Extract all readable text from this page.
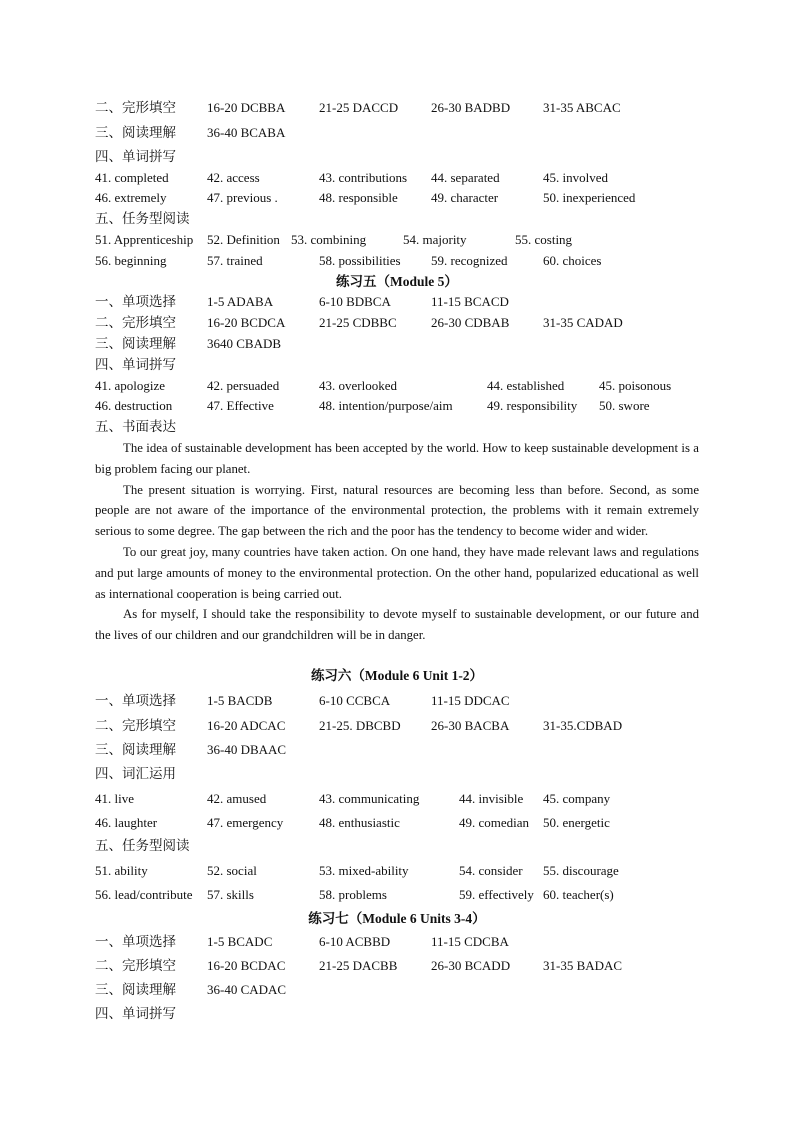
二、完形填空 16-20 DCBBA	21-25 DACCD	26-30 BADBD	31-35 ABCAC
三、阅读理解 36-40 BCABA
四、单词拼写
41. completed	42. access	43. contributions 44. separated	45. involved
46. extremely	47. previous .	48. responsible	49. character	50. inexperienced
五、任务型阅读
51. Apprenticeship 52. Definition 53. combining	54. majority	55. costing
56. beginning	57. trained	58. possibilities 59. recognized	60. choices
练习五（Module 5）
一、单项选择 1-5 ADABA	6-10 BDBCA	11-15 BCACD
二、完形填空 16-20 BCDCA	21-25 CDBBC	26-30 CDBAB	31-35 CADAD
三、阅读理解 3640 CBADB
四、单词拼写
41. apologize	42. persuaded	43. overlooked	44. established	45. poisonous
46. destruction	47. Effective	48. intention/purpose/aim	49. responsibility 50. swore
五、书面表达

The idea of sustainable development has been accepted by the world. How to keep sustainable development is a big problem facing our planet.

The present situation is worrying. First, natural resources are becoming less than before. Second, as some people are not aware of the importance of the environmental protection, the problems with it remain extremely serious to some degree. The gap between the rich and the poor has the tendency to become wider and wider.

To our great joy, many countries have taken action. On one hand, they have made relevant laws and regulations and put large amounts of money to the environmental protection. On the other hand, popularized educational as well as international cooperation is being carried out.

As for myself, I should take the responsibility to devote myself to sustainable development, or our future and the lives of our children and our grandchildren will be in danger.

练习六（Module 6 Unit 1-2）
一、单项选择 1-5 BACDB	6-10 CCBCA	11-15 DDCAC
二、完形填空 16-20 ADCAC	21-25. DBCBD 26-30 BACBA	31-35.CDBAD
三、阅读理解 36-40 DBAAC
四、词汇运用
41. live	42. amused	43. communicating	44. invisible 45. company
46. laughter	47. emergency	48. enthusiastic	49. comedian 50. energetic
五、任务型阅读
51. ability	52. social	53. mixed-ability	54. consider 55. discourage
56. lead/contribute 57. skills	58. problems	59. effectively 60. teacher(s)
练习七（Module 6 Units 3-4）
一、单项选择 1-5 BCADC	6-10 ACBBD	11-15 CDCBA
二、完形填空 16-20 BCDAC	21-25 DACBB	26-30 BCADD	31-35 BADAC
三、阅读理解 36-40 CADAC
四、单词拼写
